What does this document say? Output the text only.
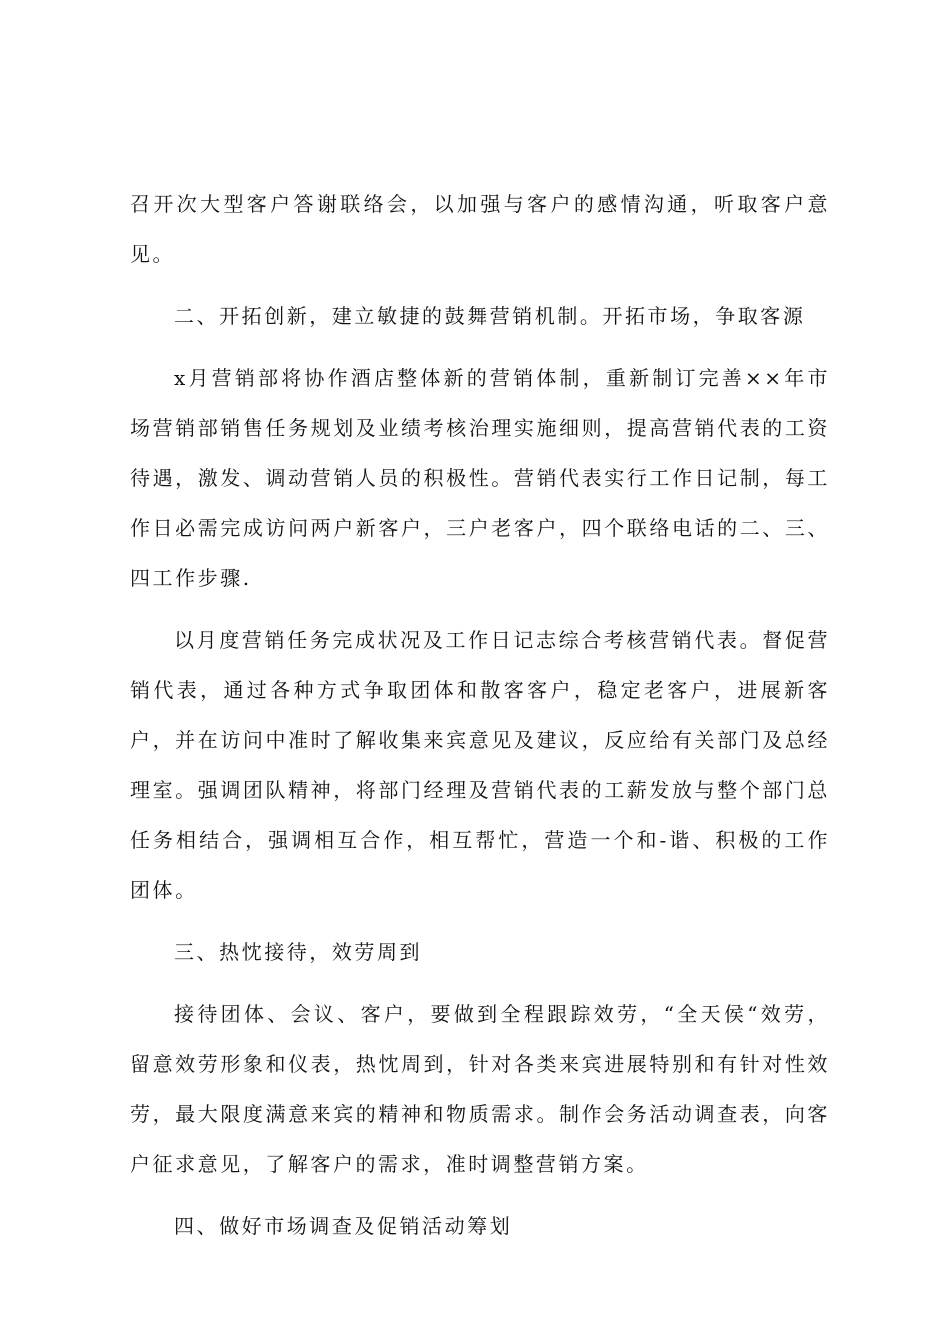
召开次大型客户答谢联络会，以加强与客户的感情沟通，听取客户意见。

二、开拓创新，建立敏捷的鼓舞营销机制。开拓市场，争取客源

x月营销部将协作酒店整体新的营销体制，重新制订完善××年市场营销部销售任务规划及业绩考核治理实施细则，提高营销代表的工资待遇，激发、调动营销人员的积极性。营销代表实行工作日记制，每工作日必需完成访问两户新客户，三户老客户，四个联络电话的二、三、四工作步骤.

以月度营销任务完成状况及工作日记志综合考核营销代表。督促营销代表，通过各种方式争取团体和散客客户，稳定老客户，进展新客户，并在访问中准时了解收集来宾意见及建议，反应给有关部门及总经理室。强调团队精神，将部门经理及营销代表的工薪发放与整个部门总任务相结合，强调相互合作，相互帮忙，营造一个和-谐、积极的工作团体。

三、热忱接待，效劳周到

接待团体、会议、客户，要做到全程跟踪效劳，“全天侯“效劳，留意效劳形象和仪表，热忱周到，针对各类来宾进展特别和有针对性效劳，最大限度满意来宾的精神和物质需求。制作会务活动调查表，向客户征求意见，了解客户的需求，准时调整营销方案。

四、做好市场调查及促销活动筹划
